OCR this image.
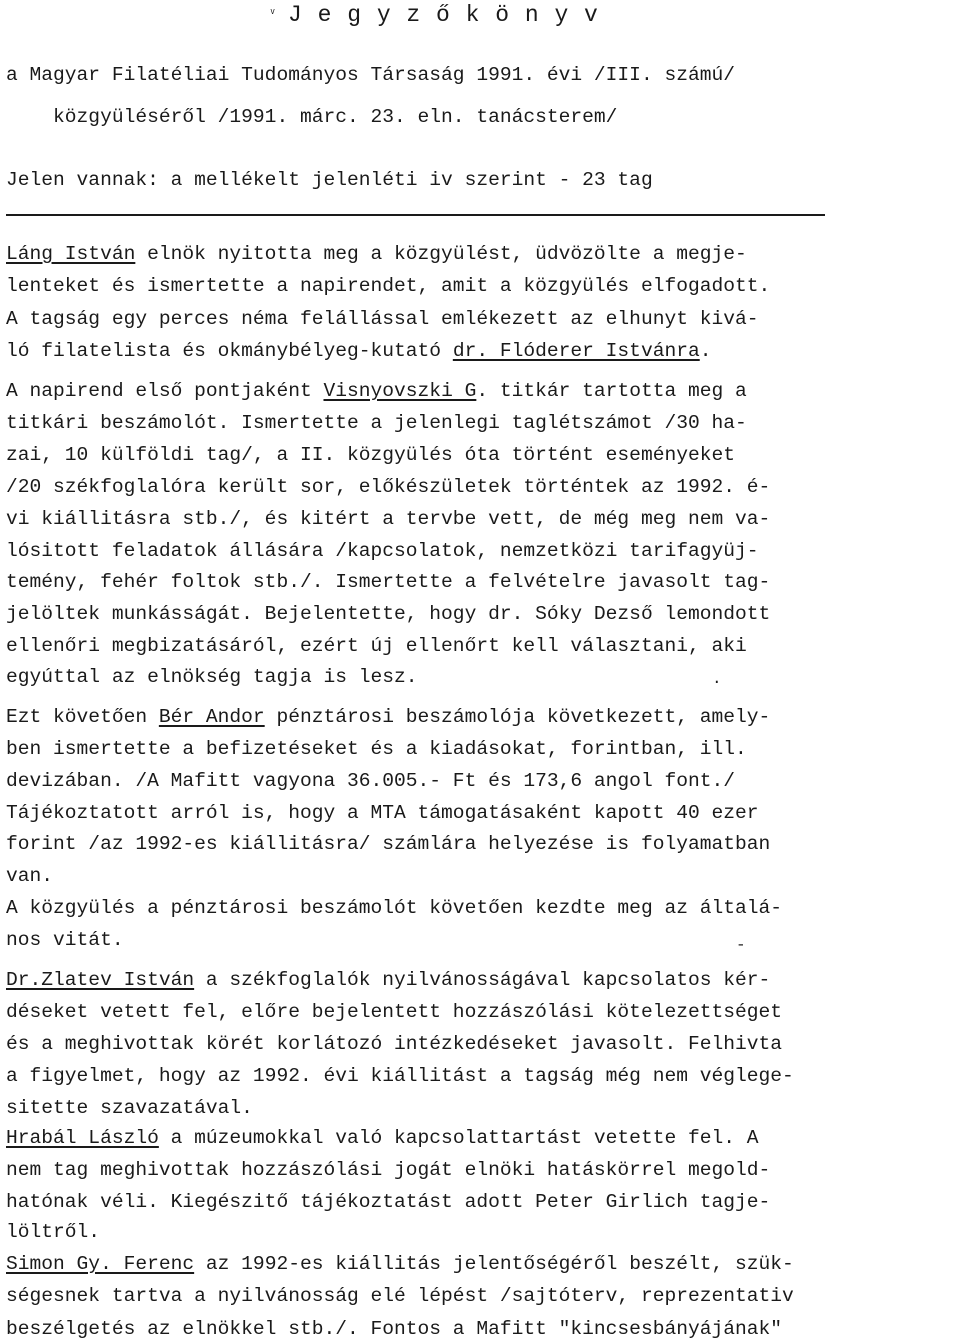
ᵥ J e g y z ő k ö n y v
·
-
a Magyar Filatéliai Tudományos Társaság 1991. évi /III. számú/
közgyüléséről /1991. márc. 23. eln. tanácsterem/
Jelen vannak: a mellékelt jelenléti iv szerint - 23 tag
Láng István elnök nyitotta meg a közgyülést, üdvözölte a megje-
lenteket és ismertette a napirendet, amit a közgyülés elfogadott.
A tagság egy perces néma felállással emlékezett az elhunyt kivá-
ló filatelista és okmánybélyeg-kutató dr. Flóderer Istvánra.
A napirend első pontjaként Visnyovszki G. titkár tartotta meg a
titkári beszámolót. Ismertette a jelenlegi taglétszámot /30 ha-
zai, 10 külföldi tag/, a II. közgyülés óta történt eseményeket
/20 székfoglalóra került sor, előkészületek történtek az 1992. é-
vi kiállitásra stb./, és kitért a tervbe vett, de még meg nem va-
lósitott feladatok állására /kapcsolatok, nemzetközi tarifagyüj-
temény, fehér foltok stb./. Ismertette a felvételre javasolt tag-
jelöltek munkásságát. Bejelentette, hogy dr. Sóky Dezső lemondott
ellenőri megbizatásáról, ezért új ellenőrt kell választani, aki
egyúttal az elnökség tagja is lesz.
Ezt követően Bér Andor pénztárosi beszámolója következett, amely-
ben ismertette a befizetéseket és a kiadásokat, forintban, ill.
devizában. /A Mafitt vagyona 36.005.- Ft és 173,6 angol font./
Tájékoztatott arról is, hogy a MTA támogatásaként kapott 40 ezer
forint /az 1992-es kiállitásra/ számlára helyezése is folyamatban
van.
A közgyülés a pénztárosi beszámolót követően kezdte meg az általá-
nos vitát.
Dr.Zlatev István a székfoglalók nyilvánosságával kapcsolatos kér-
déseket vetett fel, előre bejelentett hozzászólási kötelezettséget
és a meghivottak körét korlátozó intézkedéseket javasolt. Felhivta
a figyelmet, hogy az 1992. évi kiállitást a tagság még nem véglege-
sitette szavazatával.
Hrabál László a múzeumokkal való kapcsolattartást vetette fel. A
nem tag meghivottak hozzászólási jogát elnöki hatáskörrel megold-
hatónak véli. Kiegészitő tájékoztatást adott Peter Girlich tagje-
löltről.
Simon Gy. Ferenc az 1992-es kiállitás jelentőségéről beszélt, szük-
ségesnek tartva a nyilvánosság elé lépést /sajtóterv, reprezentativ
beszélgetés az elnökkel stb./. Fontos a Mafitt "kincsesbányájának"
